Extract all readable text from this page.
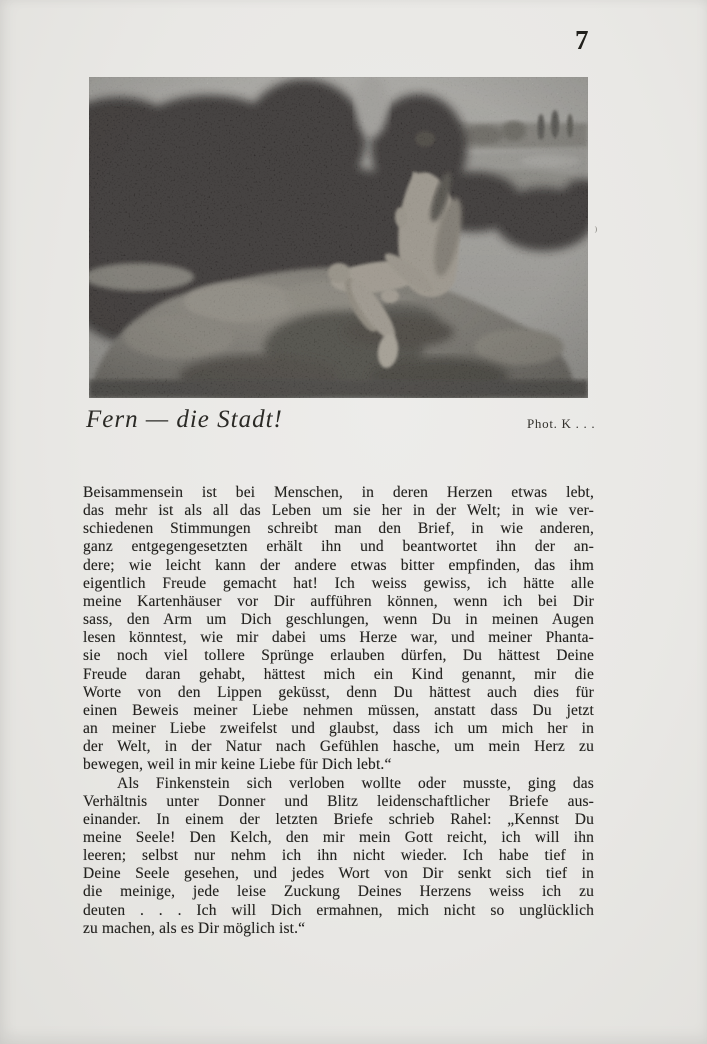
7
Fern — die Stadt!	Phot. K . . .
Beisammensein ist bei Menschen, in deren Herzen etwas lebt,
das mehr ist als all das Leben um sie her in der Welt; in wie ver-
schiedenen Stimmungen schreibt man den Brief, in wie anderen,
ganz entgegengesetzten erhält ihn und beantwortet ihn der an-
dere; wie leicht kann der andere etwas bitter empfinden, das ihm
eigentlich Freude gemacht hat! Ich weiss gewiss, ich hätte alle
meine Kartenhäuser vor Dir aufführen können, wenn ich bei Dir
sass, den Arm um Dich geschlungen, wenn Du in meinen Augen
lesen könntest, wie mir dabei ums Herze war, und meiner Phanta-
sie noch viel tollere Sprünge erlauben dürfen, Du hättest Deine
Freude daran gehabt, hättest mich ein Kind genannt, mir die
Worte von den Lippen geküsst, denn Du hättest auch dies für
einen Beweis meiner Liebe nehmen müssen, anstatt dass Du jetzt
an meiner Liebe zweifelst und glaubst, dass ich um mich her in
der Welt, in der Natur nach Gefühlen hasche, um mein Herz zu
bewegen, weil in mir keine Liebe für Dich lebt.“
Als Finkenstein sich verloben wollte oder musste, ging das
Verhältnis unter Donner und Blitz leidenschaftlicher Briefe aus-
einander. In einem der letzten Briefe schrieb Rahel: „Kennst Du
meine Seele! Den Kelch, den mir mein Gott reicht, ich will ihn
leeren; selbst nur nehm ich ihn nicht wieder. Ich habe tief in
Deine Seele gesehen, und jedes Wort von Dir senkt sich tief in
die meinige, jede leise Zuckung Deines Herzens weiss ich zu
deuten . . . Ich will Dich ermahnen, mich nicht so unglücklich
zu machen, als es Dir möglich ist.“
